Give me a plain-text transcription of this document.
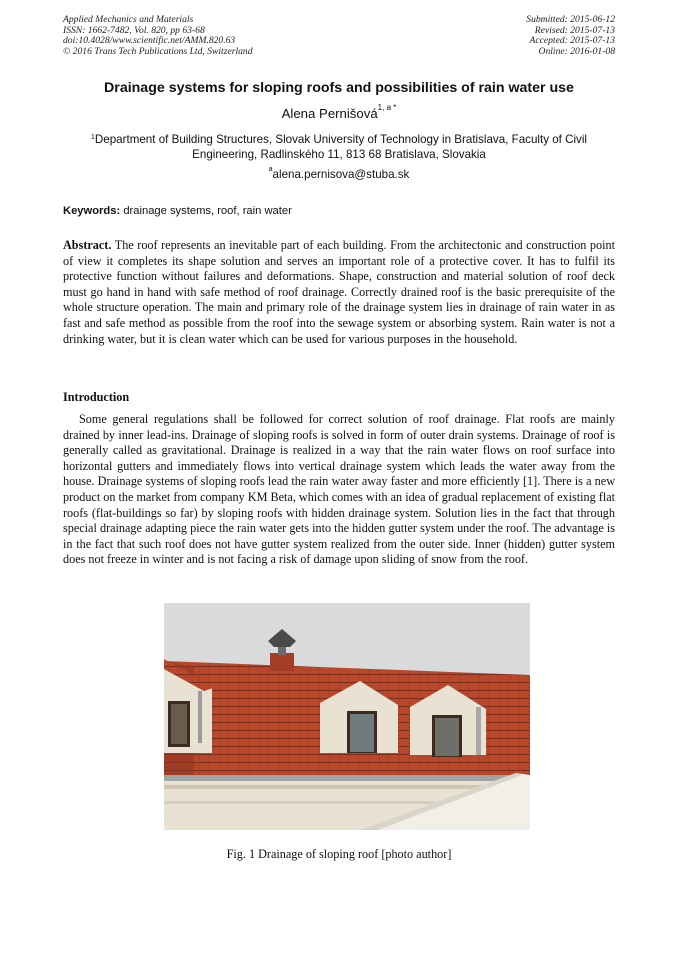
Applied Mechanics and Materials
ISSN: 1662-7482, Vol. 820, pp 63-68
doi:10.4028/www.scientific.net/AMM.820.63
© 2016 Trans Tech Publications Ltd, Switzerland
Submitted: 2015-06-12
Revised: 2015-07-13
Accepted: 2015-07-13
Online: 2016-01-08
Drainage systems for sloping roofs and possibilities of rain water use
Alena Pernišová$^{1, a *}$
$^1$Department of Building Structures, Slovak University of Technology in Bratislava, Faculty of Civil Engineering, Radlinského 11, 813 68 Bratislava, Slovakia
$^a$alena.pernisova@stuba.sk
Keywords: drainage systems, roof, rain water
Abstract. The roof represents an inevitable part of each building. From the architectonic and construction point of view it completes its shape solution and serves an important role of a protective cover. It has to fulfil its protective function without failures and deformations. Shape, construction and material solution of roof deck must go hand in hand with safe method of roof drainage. Correctly drained roof is the basic prerequisite of the whole structure operation. The main and primary role of the drainage system lies in drainage of rain water in as fast and safe method as possible from the roof into the sewage system or absorbing system. Rain water is not a drinking water, but it is clean water which can be used for various purposes in the household.
Introduction
Some general regulations shall be followed for correct solution of roof drainage. Flat roofs are mainly drained by inner lead-ins. Drainage of sloping roofs is solved in form of outer drain systems. Drainage of roof is generally called as gravitational. Drainage is realized in a way that the rain water flows on roof surface into horizontal gutters and immediately flows into vertical drainage system which leads the water away from the house. Drainage systems of sloping roofs lead the rain water away faster and more efficiently [1]. There is a new product on the market from company KM Beta, which comes with an idea of gradual replacement of existing flat roofs (flat-buildings so far) by sloping roofs with hidden drainage system. Solution lies in the fact that through special drainage adapting piece the rain water gets into the hidden gutter system under the roof. The advantage is in the fact that such roof does not have gutter system realized from the outer side. Inner (hidden) gutter system does not freeze in winter and is not facing a risk of damage upon sliding of snow from the roof.
Fig. 1 Drainage of sloping roof [photo author]
